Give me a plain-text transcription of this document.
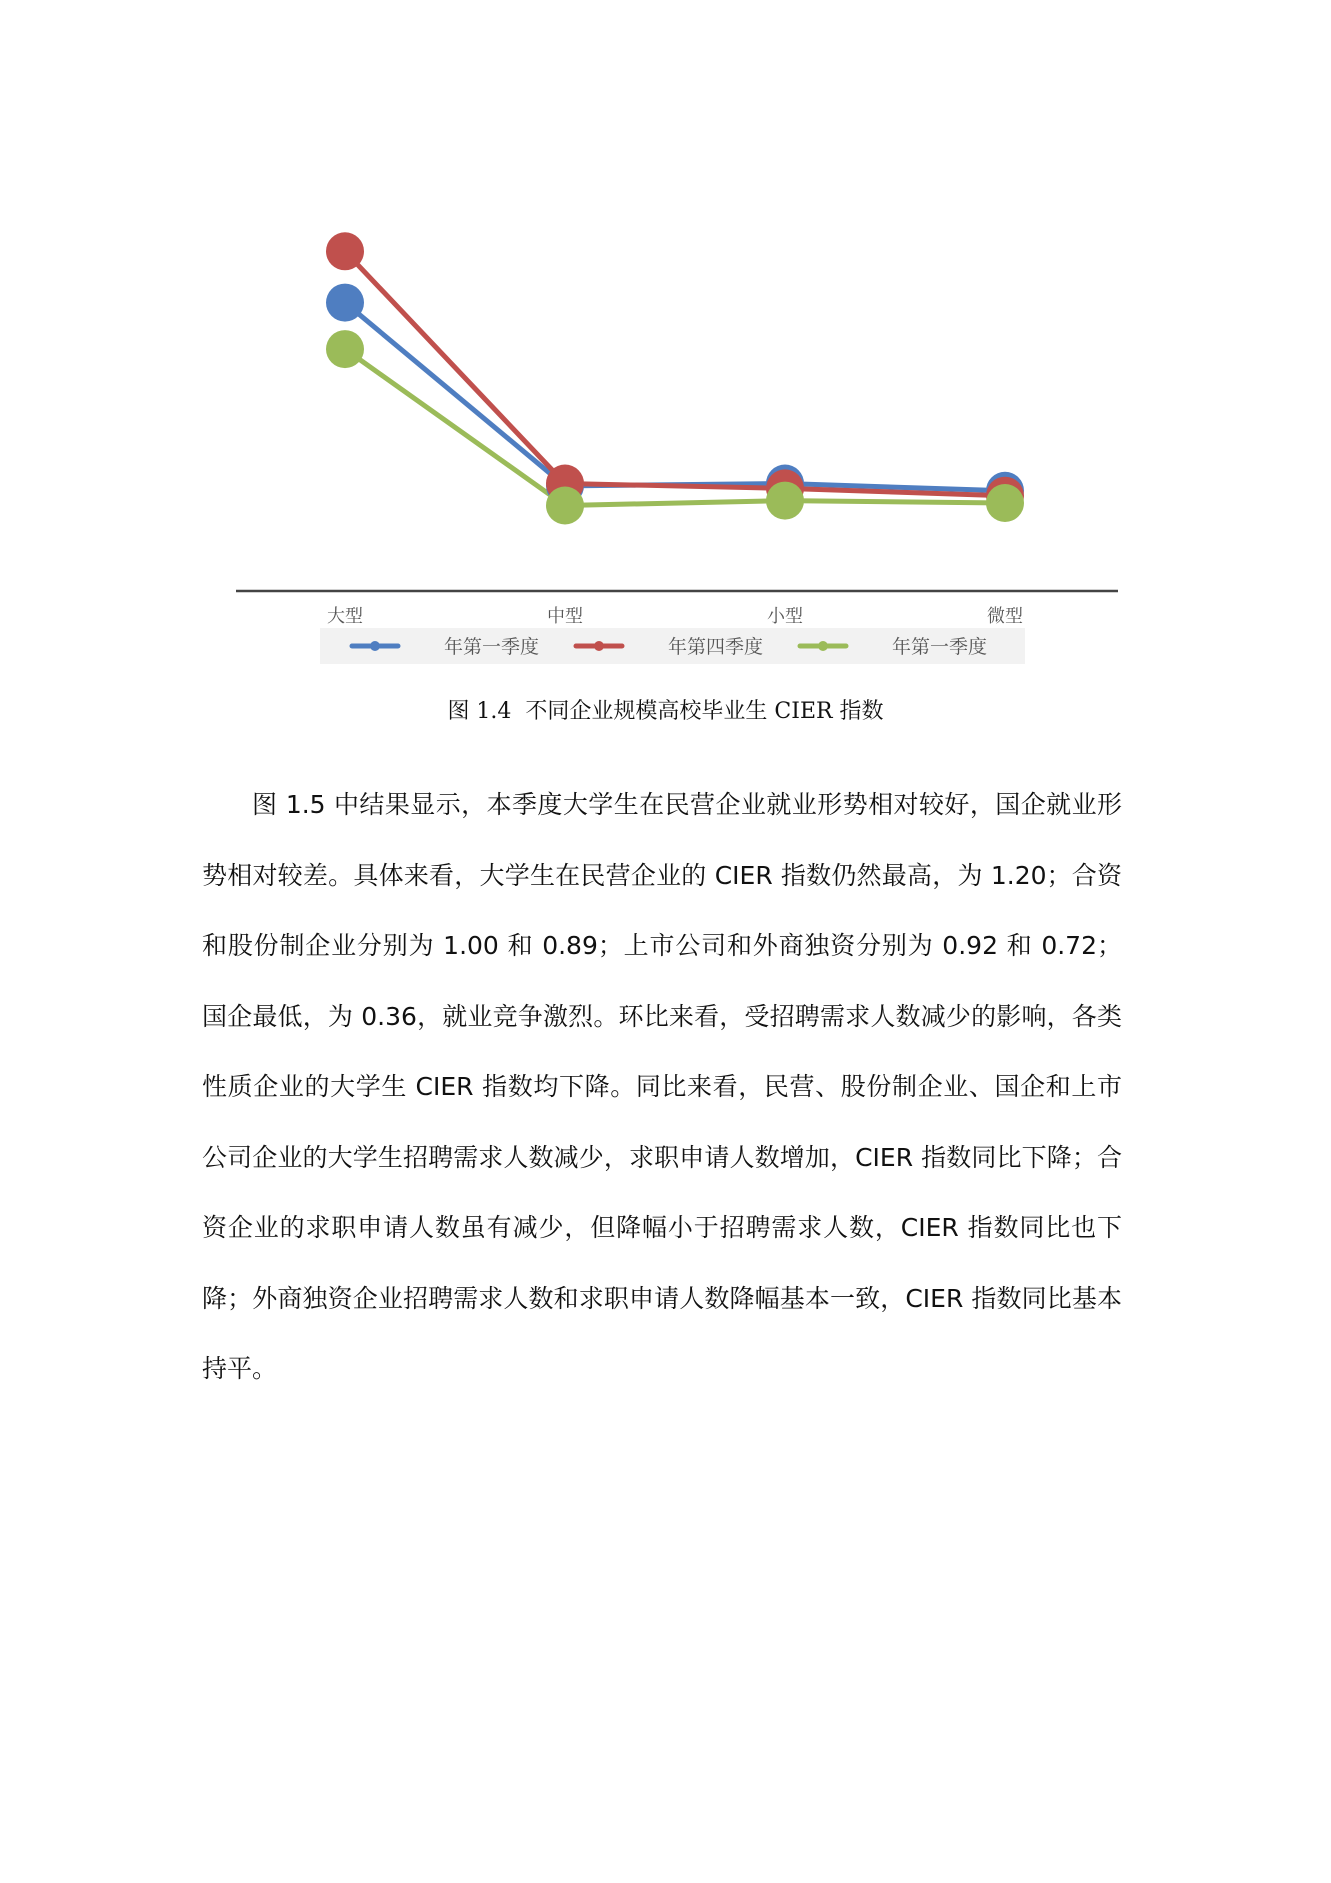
大型	中型	小型	微型
年第一季度	年第四季度	年第一季度
图 1.4 不同企业规模高校毕业生 CIER 指数

图 1.5 中结果显示，本季度大学生在民营企业就业形势相对较好，国企就业形势相对较差。具体来看，大学生在民营企业的 CIER 指数仍然最高，为 1.20；合资和股份制企业分别为 1.00 和 0.89；上市公司和外商独资分别为 0.92 和 0.72；国企最低，为 0.36，就业竞争激烈。环比来看，受招聘需求人数减少的影响，各类性质企业的大学生 CIER 指数均下降。同比来看，民营、股份制企业、国企和上市公司企业的大学生招聘需求人数减少，求职申请人数增加，CIER 指数同比下降；合资企业的求职申请人数虽有减少，但降幅小于招聘需求人数，CIER 指数同比也下降；外商独资企业招聘需求人数和求职申请人数降幅基本一致，CIER 指数同比基本持平。
